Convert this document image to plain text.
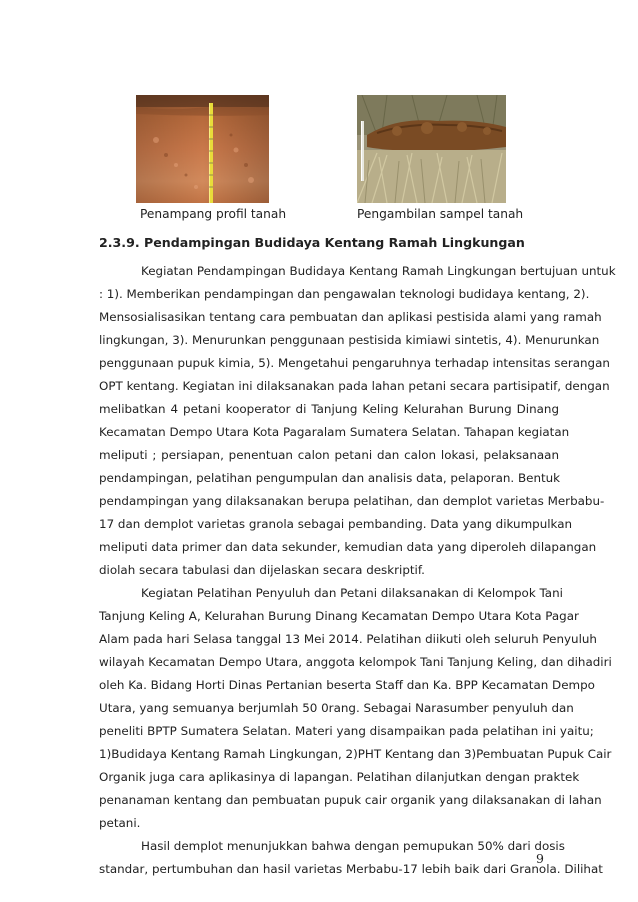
Penampang profil tanah	Pengambilan sampel tanah
2.3.9. Pendampingan Budidaya Kentang Ramah Lingkungan
Kegiatan Pendampingan Budidaya Kentang Ramah Lingkungan bertujuan untuk
: 1). Memberikan pendampingan dan pengawalan teknologi budidaya kentang, 2).
Mensosialisasikan tentang cara pembuatan dan aplikasi pestisida alami yang ramah
lingkungan, 3). Menurunkan penggunaan pestisida kimiawi sintetis, 4). Menurunkan
penggunaan pupuk kimia, 5). Mengetahui pengaruhnya terhadap intensitas serangan
OPT kentang. Kegiatan ini dilaksanakan pada lahan petani secara partisipatif, dengan
melibatkan 4 petani kooperator di Tanjung Keling Kelurahan Burung Dinang
Kecamatan Dempo Utara Kota Pagaralam Sumatera Selatan. Tahapan kegiatan
meliputi ; persiapan, penentuan calon petani dan calon lokasi, pelaksanaan
pendampingan, pelatihan pengumpulan dan analisis data, pelaporan. Bentuk
pendampingan yang dilaksanakan berupa pelatihan, dan demplot varietas Merbabu-
17 dan demplot varietas granola sebagai pembanding. Data yang dikumpulkan
meliputi data primer dan data sekunder, kemudian data yang diperoleh dilapangan
diolah secara tabulasi dan dijelaskan secara deskriptif.
Kegiatan Pelatihan Penyuluh dan Petani dilaksanakan di Kelompok Tani
Tanjung Keling A, Kelurahan Burung Dinang Kecamatan Dempo Utara Kota Pagar
Alam pada hari Selasa tanggal 13 Mei 2014. Pelatihan diikuti oleh seluruh Penyuluh
wilayah Kecamatan Dempo Utara, anggota kelompok Tani Tanjung Keling, dan dihadiri
oleh Ka. Bidang Horti Dinas Pertanian beserta Staff dan Ka. BPP Kecamatan Dempo
Utara, yang semuanya berjumlah 50 0rang. Sebagai Narasumber penyuluh dan
peneliti BPTP Sumatera Selatan. Materi yang disampaikan pada pelatihan ini yaitu;
1)Budidaya Kentang Ramah Lingkungan, 2)PHT Kentang dan 3)Pembuatan Pupuk Cair
Organik juga cara aplikasinya di lapangan. Pelatihan dilanjutkan dengan praktek
penanaman kentang dan pembuatan pupuk cair organik yang dilaksanakan di lahan
petani.
Hasil demplot menunjukkan bahwa dengan pemupukan 50% dari dosis
standar, pertumbuhan dan hasil varietas Merbabu-17 lebih baik dari Granola. Dilihat
9
